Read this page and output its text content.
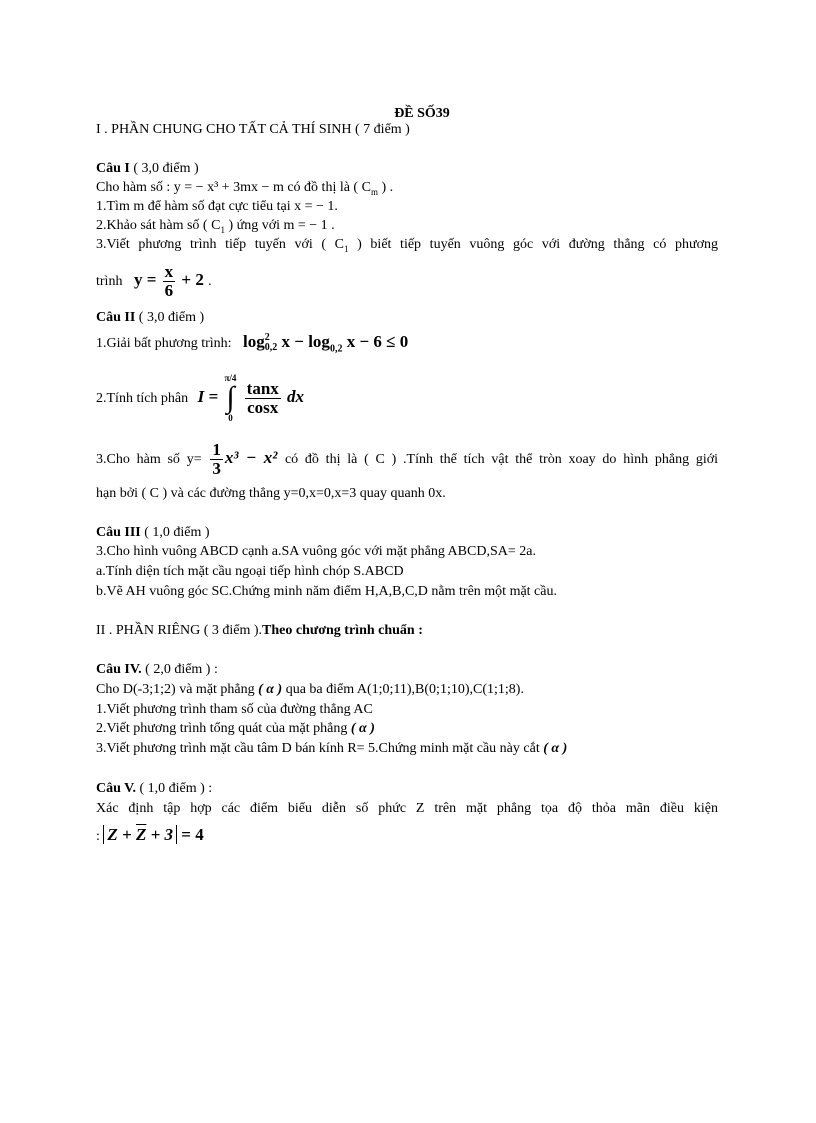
ĐỀ SỐ39
I . PHẦN CHUNG CHO TẤT CẢ THÍ SINH ( 7 điểm )
Câu I ( 3,0 điểm )
Cho hàm số : y = − x³ + 3mx − m có đồ thị là ( $C_m$ ) .
1.Tìm m để hàm số đạt cực tiểu tại x = − 1.
2.Khảo sát hàm số ( $C_1$ ) ứng với m = − 1 .
3.Viết phương trình tiếp tuyến với ( $C_1$ ) biết tiếp tuyến vuông góc với đường thẳng có phương
trình $y = \frac{x}{6} + 2$ .
Câu II ( 3,0 điểm )
1.Giải bất phương trình: log 2
0,2 $x - \log_{0,2} x - 6 \le 0$
2.Tính tích phân I =
π/4
∫
0

$\frac{\tan x}{\cos x}$ dx
3.Cho hàm số $y= \frac{1}{3} x^3 - x^2$ có đồ thị là ( C ) .Tính thể tích vật thể tròn xoay do hình phẳng giới
hạn bởi ( C ) và các đường thẳng y=0,x=0,x=3 quay quanh 0x.
Câu III ( 1,0 điểm )
3.Cho hình vuông ABCD cạnh a.SA vuông góc với mặt phẳng ABCD,SA= 2a.
a.Tính diện tích mặt cầu ngoại tiếp hình chóp S.ABCD
b.Vẽ AH vuông góc SC.Chứng minh năm điểm H,A,B,C,D nằm trên một mặt cầu.
II . PHẦN RIÊNG ( 3 điểm ).Theo chương trình chuẩn :
Câu IV. ( 2,0 điểm ) :
Cho D(-3;1;2) và mặt phẳng ( α ) qua ba điểm A(1;0;11),B(0;1;10),C(1;1;8).
1.Viết phương trình tham số của đường thẳng AC
2.Viết phương trình tổng quát của mặt phẳng ( α )
3.Viết phương trình mặt cầu tâm D bán kính R= 5.Chứng minh mặt cầu này cắt ( α )
Câu V. ( 1,0 điểm ) :
Xác định tập hợp các điểm biểu diễn số phức Z trên mặt phẳng tọa độ thỏa mãn điều kiện
: $Z + \overline{Z} + 3 = 4$
